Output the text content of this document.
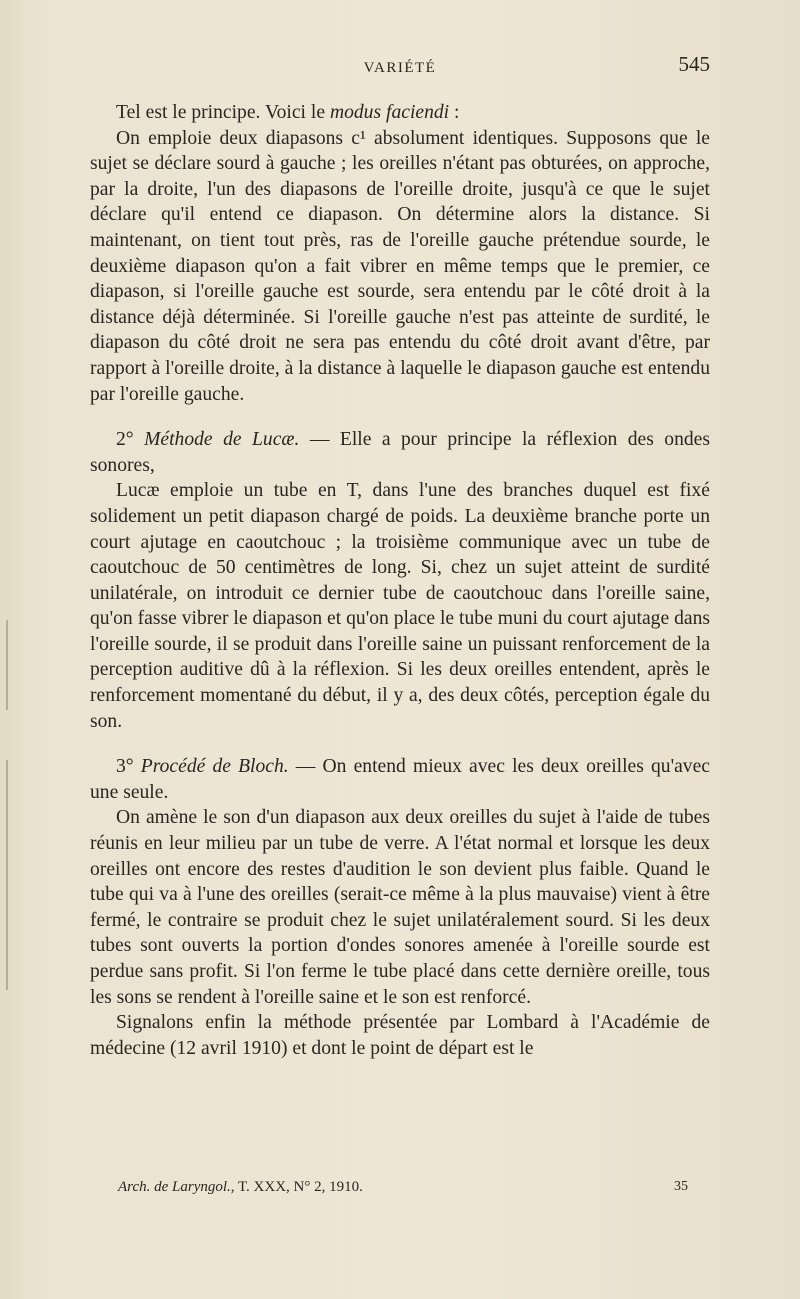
VARIÉTÉ	545

Tel est le principe. Voici le modus faciendi :

On emploie deux diapasons c¹ absolument identiques. Supposons que le sujet se déclare sourd à gauche ; les oreilles n'étant pas obturées, on approche, par la droite, l'un des diapasons de l'oreille droite, jusqu'à ce que le sujet déclare qu'il entend ce diapason. On détermine alors la distance. Si maintenant, on tient tout près, ras de l'oreille gauche prétendue sourde, le deuxième diapason qu'on a fait vibrer en même temps que le premier, ce diapason, si l'oreille gauche est sourde, sera entendu par le côté droit à la distance déjà déterminée. Si l'oreille gauche n'est pas atteinte de surdité, le diapason du côté droit ne sera pas entendu du côté droit avant d'être, par rapport à l'oreille droite, à la distance à laquelle le diapason gauche est entendu par l'oreille gauche.

2° Méthode de Lucæ. — Elle a pour principe la réflexion des ondes sonores,

Lucæ emploie un tube en T, dans l'une des branches duquel est fixé solidement un petit diapason chargé de poids. La deuxième branche porte un court ajutage en caoutchouc ; la troisième communique avec un tube de caoutchouc de 50 centimètres de long. Si, chez un sujet atteint de surdité unilatérale, on introduit ce dernier tube de caoutchouc dans l'oreille saine, qu'on fasse vibrer le diapason et qu'on place le tube muni du court ajutage dans l'oreille sourde, il se produit dans l'oreille saine un puissant renforcement de la perception auditive dû à la réflexion. Si les deux oreilles entendent, après le renforcement momentané du début, il y a, des deux côtés, perception égale du son.

3° Procédé de Bloch. — On entend mieux avec les deux oreilles qu'avec une seule.

On amène le son d'un diapason aux deux oreilles du sujet à l'aide de tubes réunis en leur milieu par un tube de verre. A l'état normal et lorsque les deux oreilles ont encore des restes d'audition le son devient plus faible. Quand le tube qui va à l'une des oreilles (serait-ce même à la plus mauvaise) vient à être fermé, le contraire se produit chez le sujet unilatéralement sourd. Si les deux tubes sont ouverts la portion d'ondes sonores amenée à l'oreille sourde est perdue sans profit. Si l'on ferme le tube placé dans cette dernière oreille, tous les sons se rendent à l'oreille saine et le son est renforcé.

Signalons enfin la méthode présentée par Lombard à l'Académie de médecine (12 avril 1910) et dont le point de départ est le

Arch. de Laryngol., T. XXX, N° 2, 1910.	35
